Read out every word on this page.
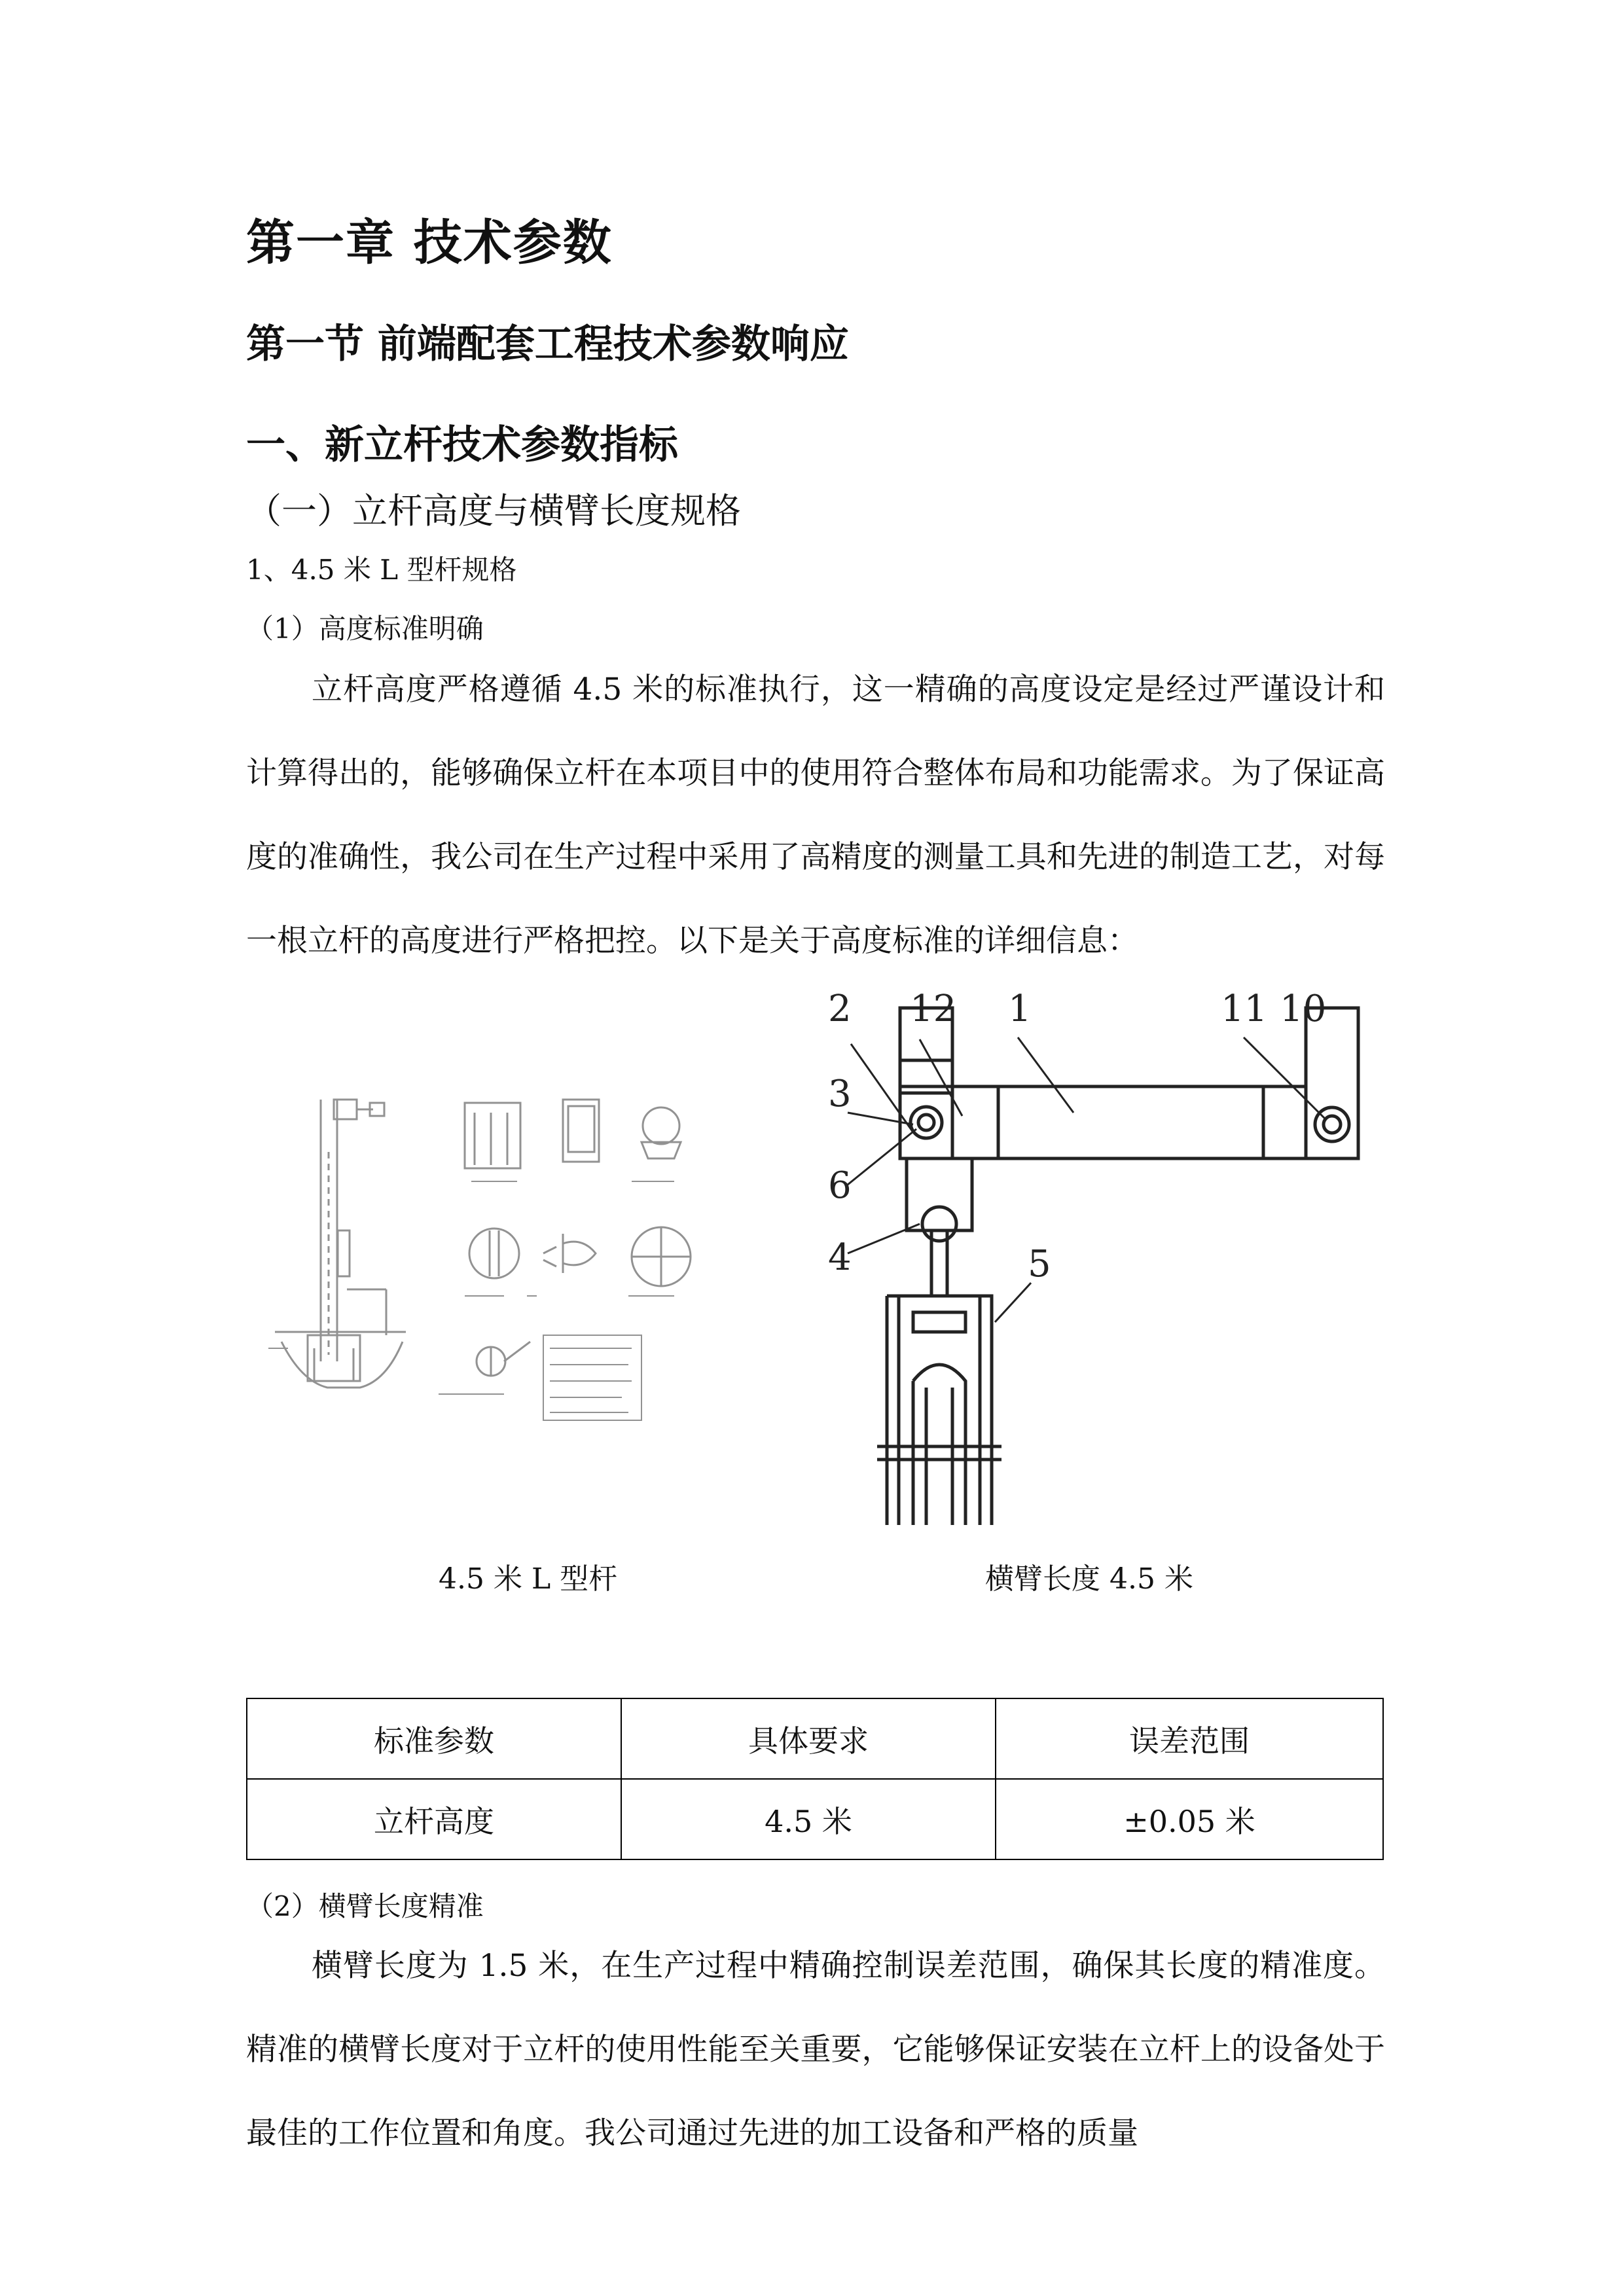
第一章 技术参数
第一节 前端配套工程技术参数响应
一、新立杆技术参数指标
（一）立杆高度与横臂长度规格
1、4.5 米 L 型杆规格
（1）高度标准明确

立杆高度严格遵循 4.5 米的标准执行，这一精确的高度设定是经过严谨设计和计算得出的，能够确保立杆在本项目中的使用符合整体布局和功能需求。为了保证高度的准确性，我公司在生产过程中采用了高精度的测量工具和先进的制造工艺，对每一根立杆的高度进行严格把控。以下是关于高度标准的详细信息：

2 12 1	11 10
3
6
4	5
4.5 米 L 型杆	横臂长度 4.5 米
标准参数	具体要求	误差范围
立杆高度	4.5 米	±0.05 米
（2）横臂长度精准

横臂长度为 1.5 米，在生产过程中精确控制误差范围，确保其长度的精准度。精准的横臂长度对于立杆的使用性能至关重要，它能够保证安装在立杆上的设备处于最佳的工作位置和角度。我公司通过先进的加工设备和严格的质量
